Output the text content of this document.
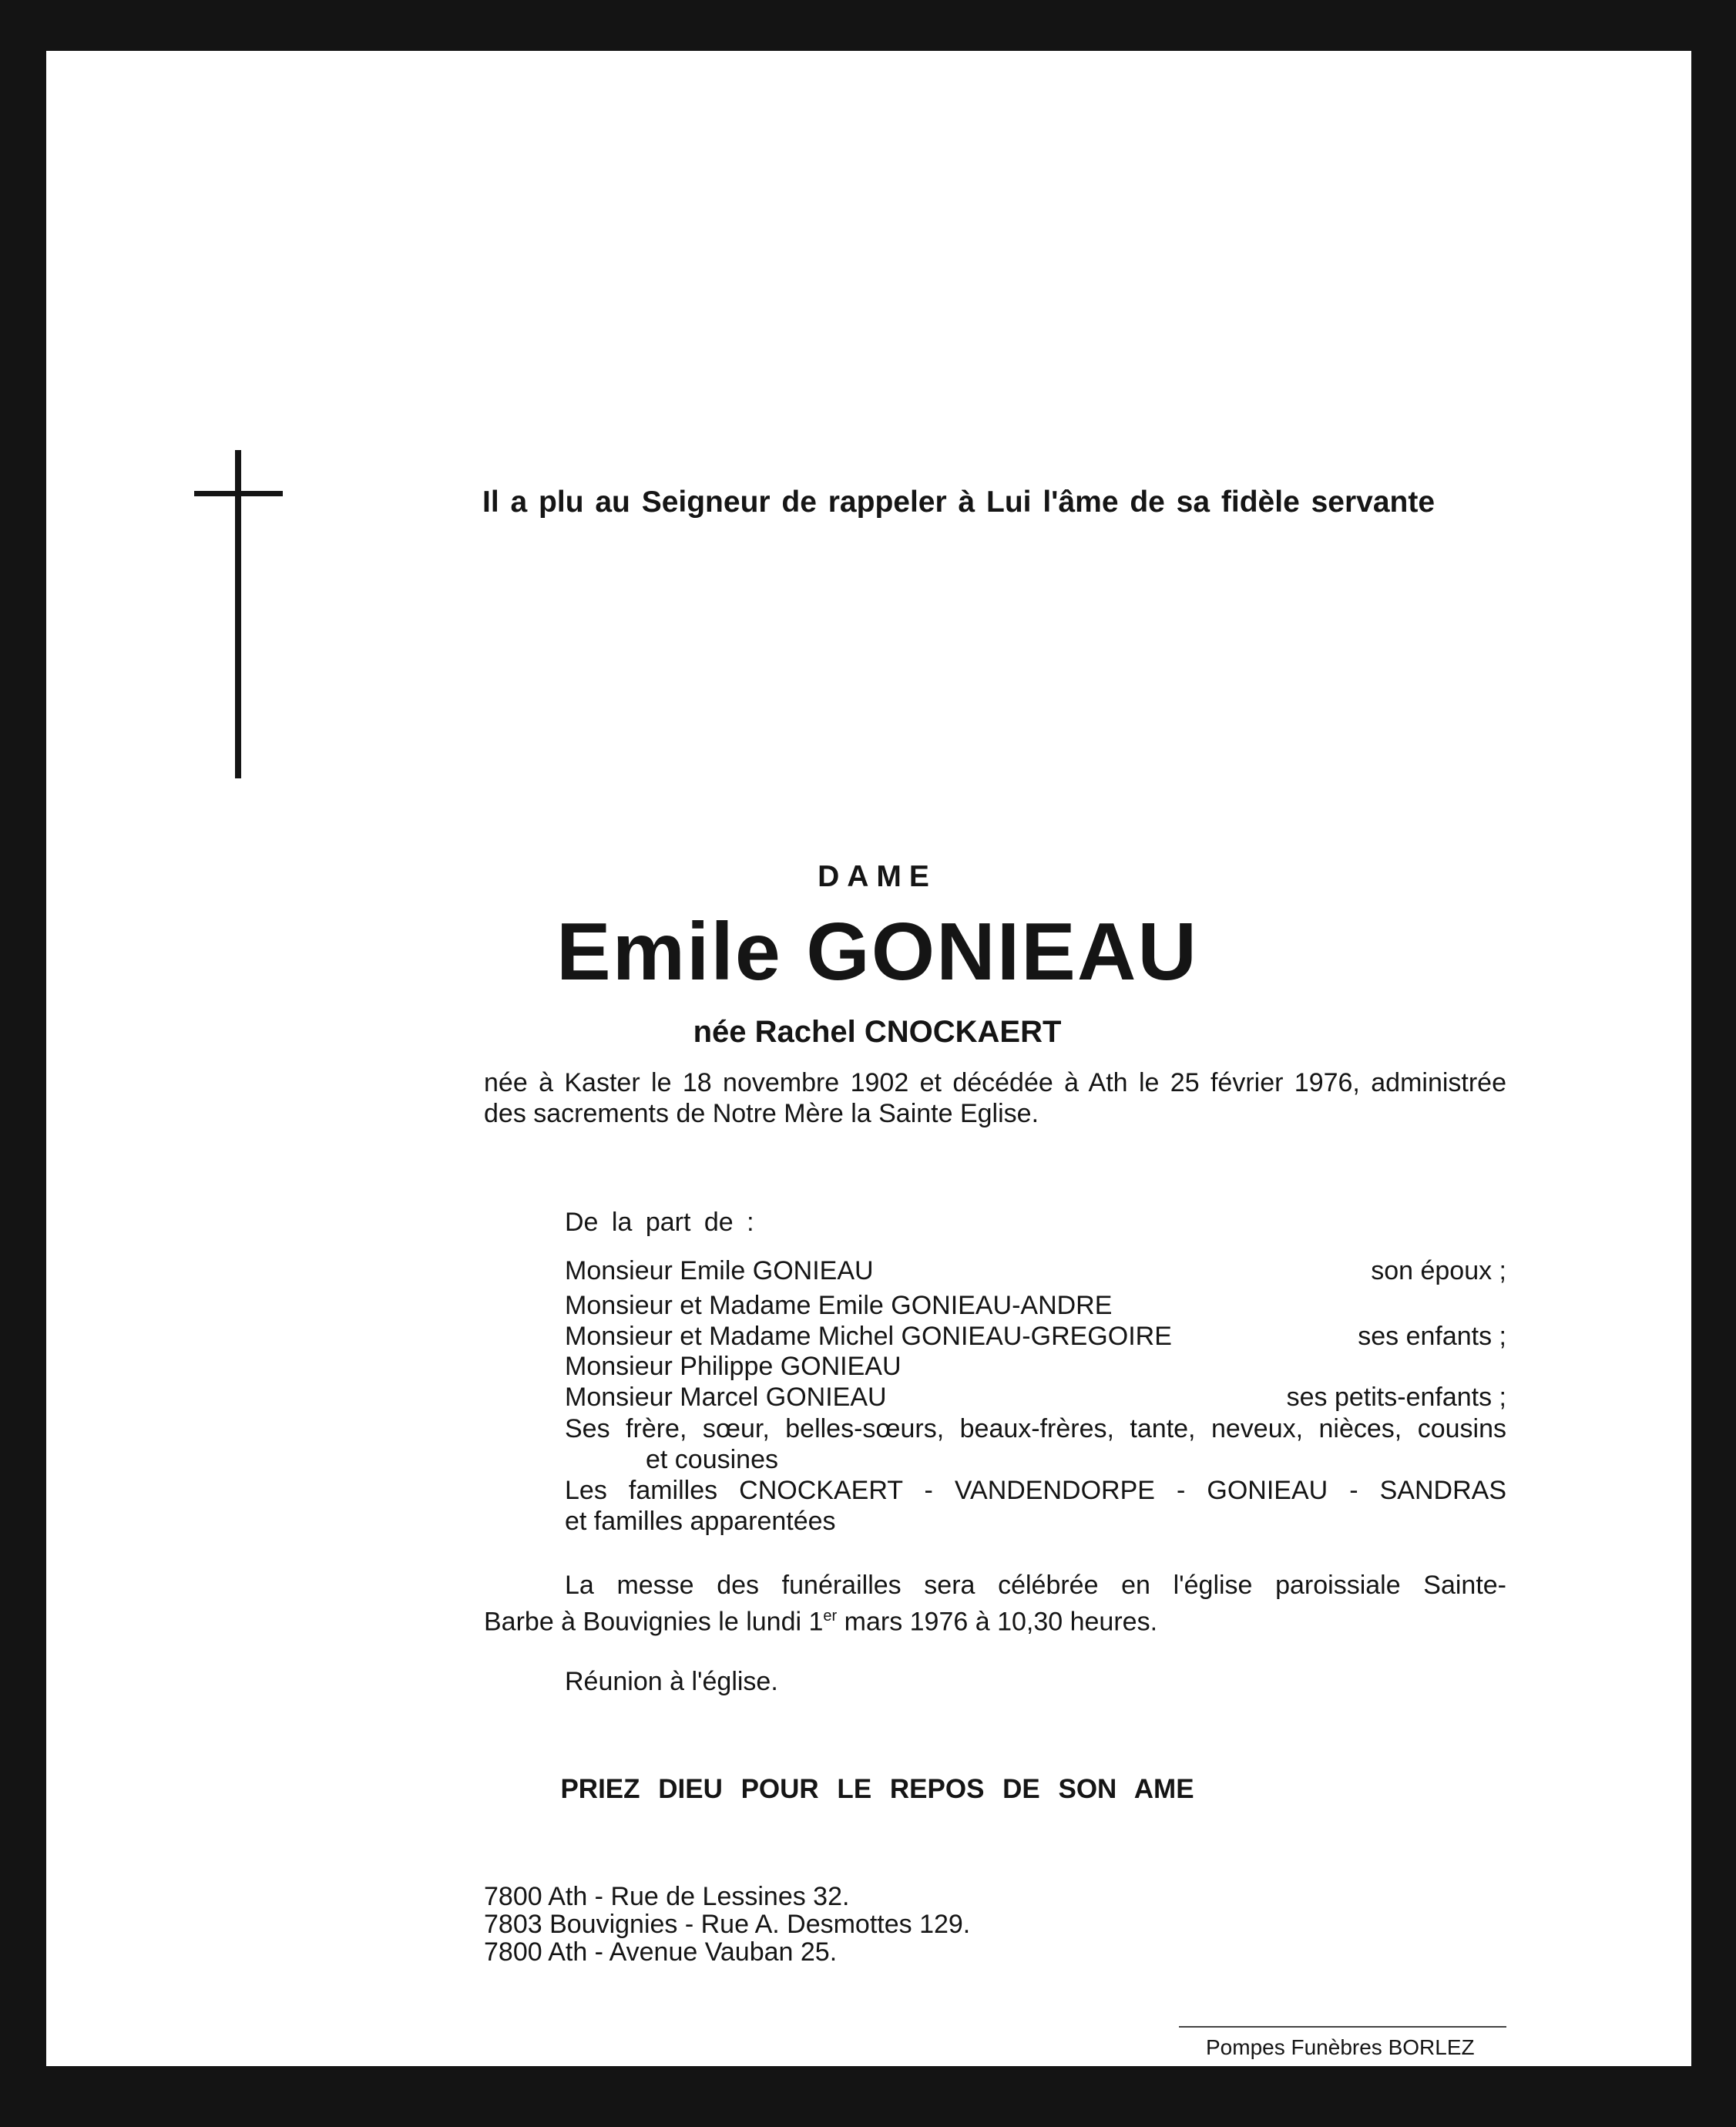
Il a plu au Seigneur de rappeler à Lui l'âme de sa fidèle servante
DAME
Emile GONIEAU
née Rachel CNOCKAERT
née à Kaster le 18 novembre 1902 et décédée à Ath le 25 février 1976, administrée
des sacrements de Notre Mère la Sainte Eglise.
De la part de :
Monsieur Emile GONIEAU	son époux ;
Monsieur et Madame Emile GONIEAU-ANDRE
Monsieur et Madame Michel GONIEAU-GREGOIRE	ses enfants ;
Monsieur Philippe GONIEAU
Monsieur Marcel GONIEAU	ses petits-enfants ;
Ses frère, sœur, belles-sœurs, beaux-frères, tante, neveux, nièces, cousins
et cousines
Les familles CNOCKAERT - VANDENDORPE - GONIEAU - SANDRAS
et familles apparentées
La messe des funérailles sera célébrée en l'église paroissiale Sainte-
Barbe à Bouvignies le lundi 1er mars 1976 à 10,30 heures.
Réunion à l'église.
PRIEZ DIEU POUR LE REPOS DE SON AME
7800 Ath - Rue de Lessines 32.
7803 Bouvignies - Rue A. Desmottes 129.
7800 Ath - Avenue Vauban 25.
Pompes Funèbres BORLEZ
